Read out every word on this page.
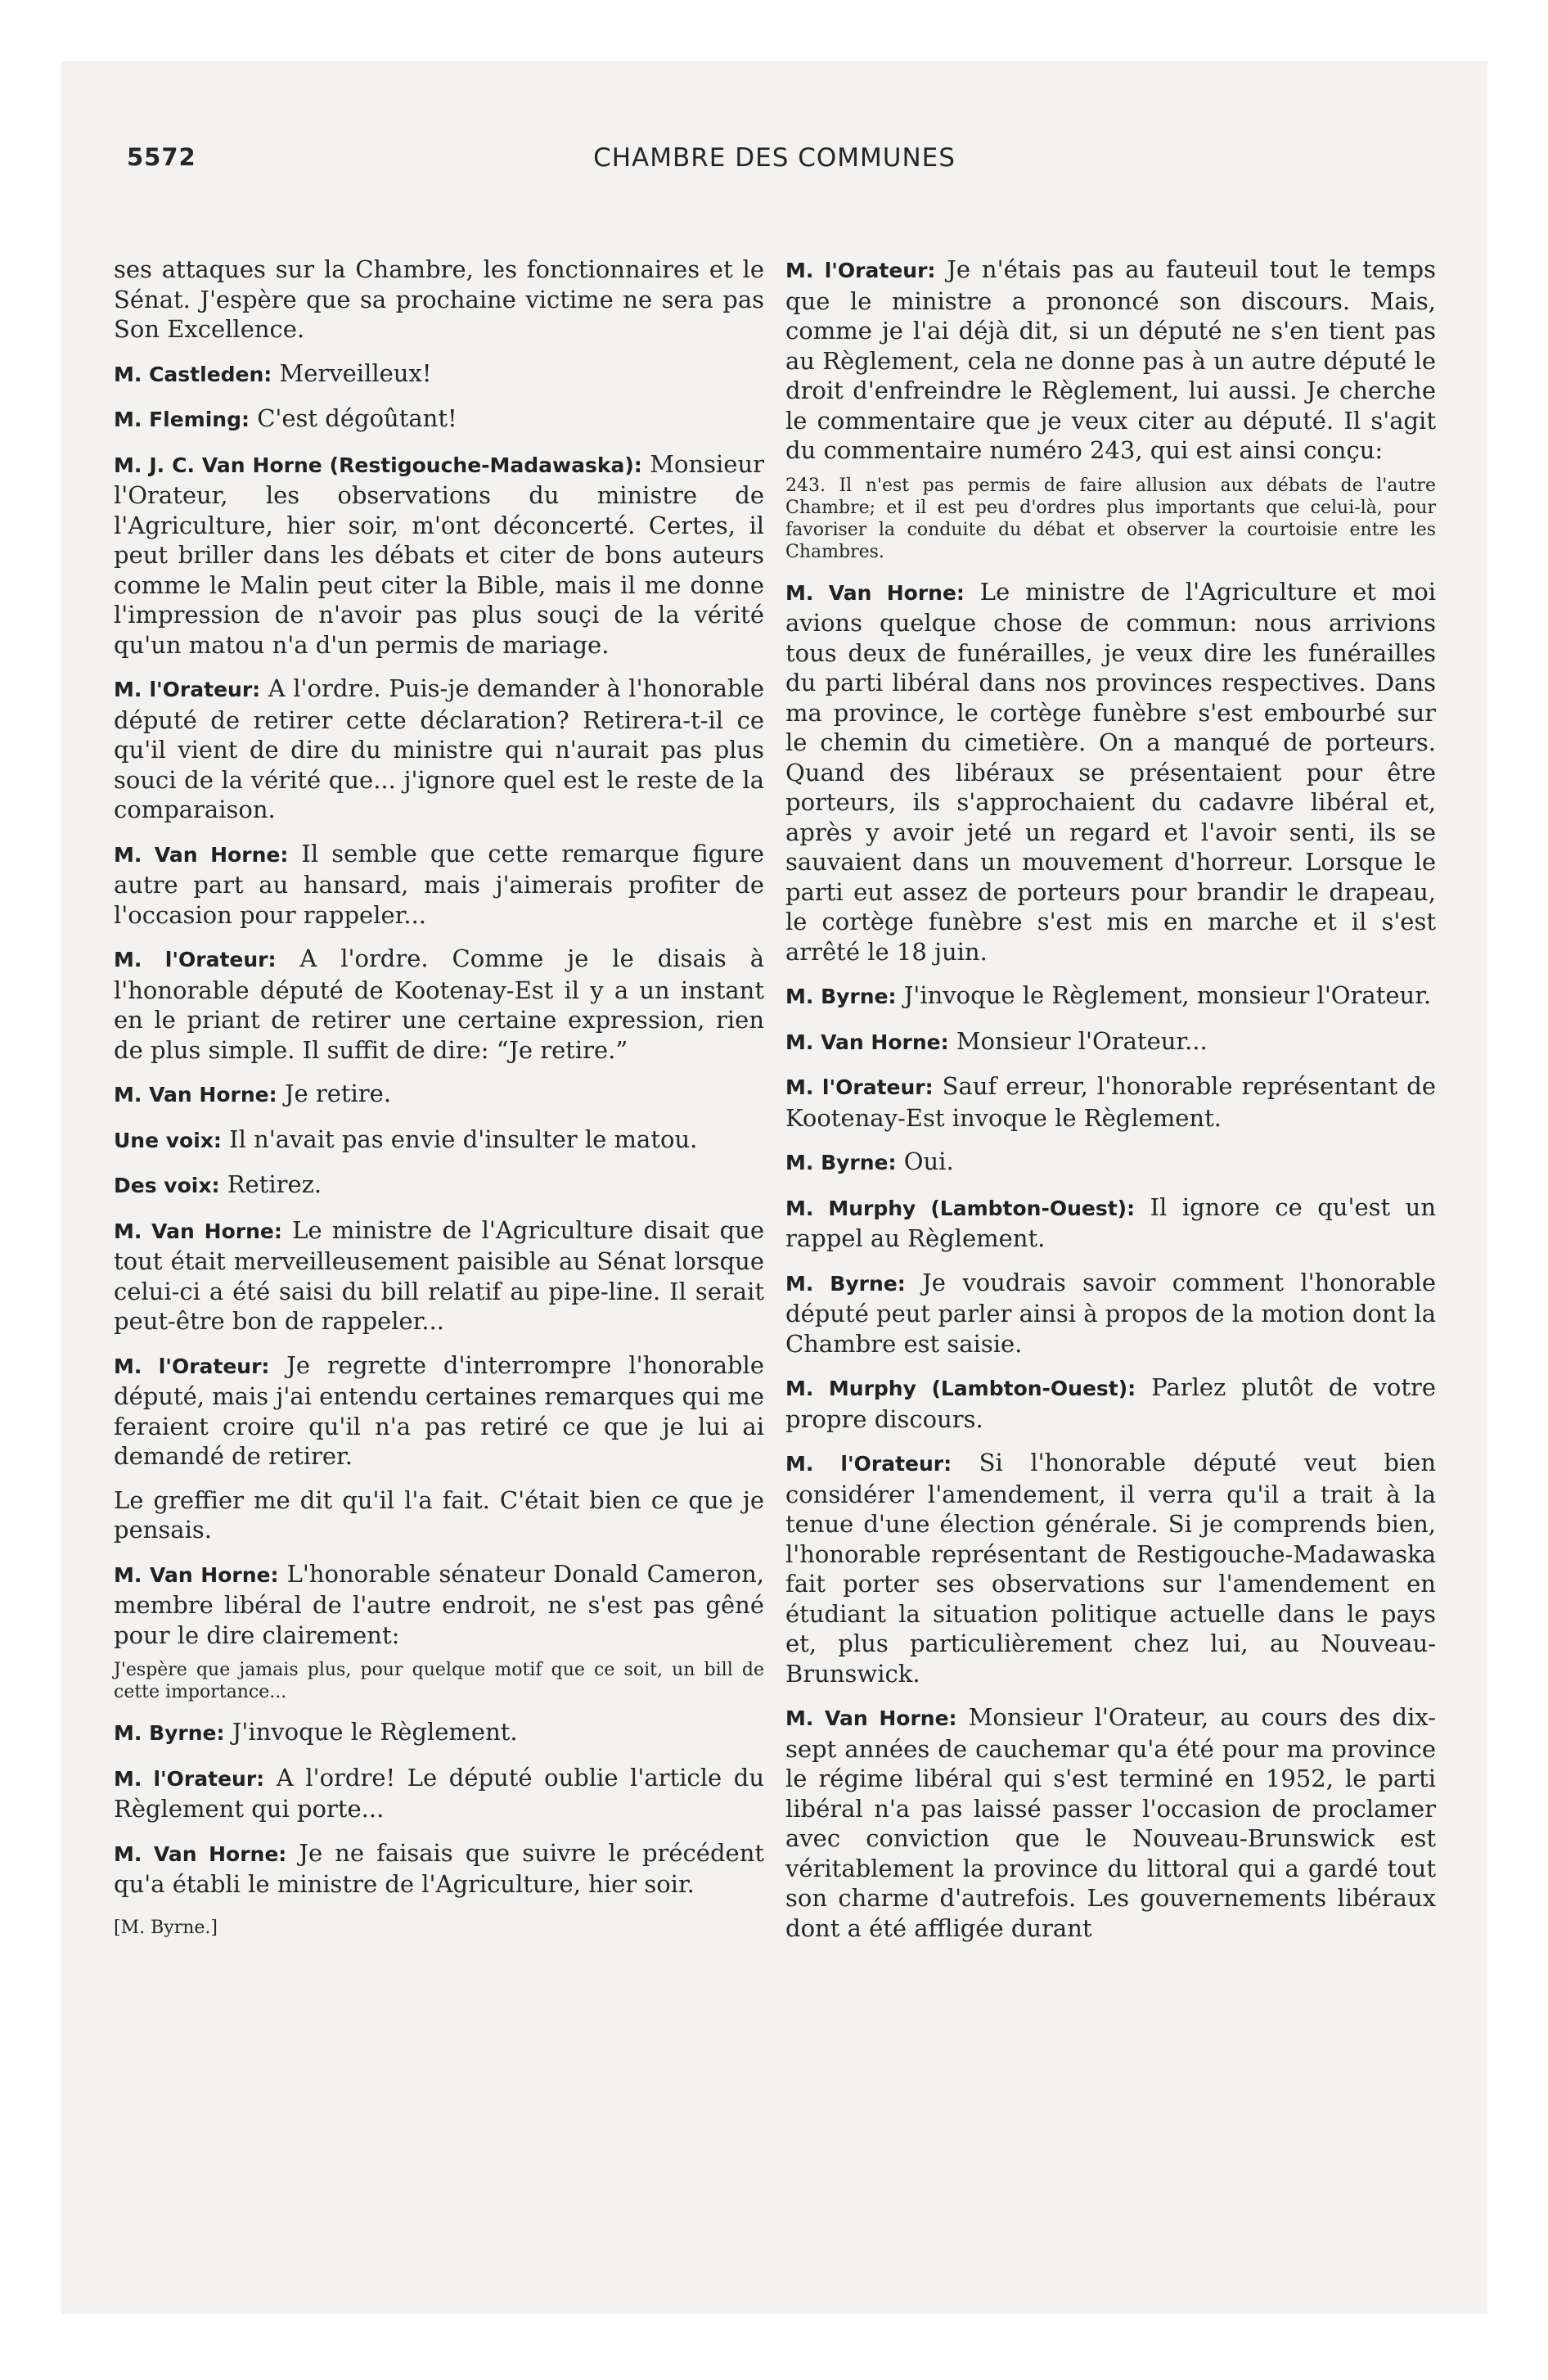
5572	CHAMBRE DES COMMUNES
ses attaques sur la Chambre, les fonctionnaires et le Sénat. J'espère que sa prochaine victime ne sera pas Son Excellence.
M. Castleden: Merveilleux!
M. Fleming: C'est dégoûtant!
M. J. C. Van Horne (Restigouche-Madawaska): Monsieur l'Orateur, les observations du ministre de l'Agriculture, hier soir, m'ont déconcerté. Certes, il peut briller dans les débats et citer de bons auteurs comme le Malin peut citer la Bible, mais il me donne l'impression de n'avoir pas plus souçi de la vérité qu'un matou n'a d'un permis de mariage.
M. l'Orateur: A l'ordre. Puis-je demander à l'honorable député de retirer cette déclaration? Retirera-t-il ce qu'il vient de dire du ministre qui n'aurait pas plus souci de la vérité que... j'ignore quel est le reste de la comparaison.
M. Van Horne: Il semble que cette remarque figure autre part au hansard, mais j'aimerais profiter de l'occasion pour rappeler...
M. l'Orateur: A l'ordre. Comme je le disais à l'honorable député de Kootenay-Est il y a un instant en le priant de retirer une certaine expression, rien de plus simple. Il suffit de dire: “Je retire.”
M. Van Horne: Je retire.
Une voix: Il n'avait pas envie d'insulter le matou.
Des voix: Retirez.
M. Van Horne: Le ministre de l'Agriculture disait que tout était merveilleusement paisible au Sénat lorsque celui-ci a été saisi du bill relatif au pipe-line. Il serait peut-être bon de rappeler...
M. l'Orateur: Je regrette d'interrompre l'honorable député, mais j'ai entendu certaines remarques qui me feraient croire qu'il n'a pas retiré ce que je lui ai demandé de retirer.
Le greffier me dit qu'il l'a fait. C'était bien ce que je pensais.
M. Van Horne: L'honorable sénateur Donald Cameron, membre libéral de l'autre endroit, ne s'est pas gêné pour le dire clairement:
J'espère que jamais plus, pour quelque motif que ce soit, un bill de cette importance...
M. Byrne: J'invoque le Règlement.
M. l'Orateur: A l'ordre! Le député oublie l'article du Règlement qui porte...
M. Van Horne: Je ne faisais que suivre le précédent qu'a établi le ministre de l'Agriculture, hier soir.
[M. Byrne.]
M. l'Orateur: Je n'étais pas au fauteuil tout le temps que le ministre a prononcé son discours. Mais, comme je l'ai déjà dit, si un député ne s'en tient pas au Règlement, cela ne donne pas à un autre député le droit d'enfreindre le Règlement, lui aussi. Je cherche le commentaire que je veux citer au député. Il s'agit du commentaire numéro 243, qui est ainsi conçu:
243. Il n'est pas permis de faire allusion aux débats de l'autre Chambre; et il est peu d'ordres plus importants que celui-là, pour favoriser la conduite du débat et observer la courtoisie entre les Chambres.
M. Van Horne: Le ministre de l'Agriculture et moi avions quelque chose de commun: nous arrivions tous deux de funérailles, je veux dire les funérailles du parti libéral dans nos provinces respectives. Dans ma province, le cortège funèbre s'est embourbé sur le chemin du cimetière. On a manqué de porteurs. Quand des libéraux se présentaient pour être porteurs, ils s'approchaient du cadavre libéral et, après y avoir jeté un regard et l'avoir senti, ils se sauvaient dans un mouvement d'horreur. Lorsque le parti eut assez de porteurs pour brandir le drapeau, le cortège funèbre s'est mis en marche et il s'est arrêté le 18 juin.
M. Byrne: J'invoque le Règlement, monsieur l'Orateur.
M. Van Horne: Monsieur l'Orateur...
M. l'Orateur: Sauf erreur, l'honorable représentant de Kootenay-Est invoque le Règlement.
M. Byrne: Oui.
M. Murphy (Lambton-Ouest): Il ignore ce qu'est un rappel au Règlement.
M. Byrne: Je voudrais savoir comment l'honorable député peut parler ainsi à propos de la motion dont la Chambre est saisie.
M. Murphy (Lambton-Ouest): Parlez plutôt de votre propre discours.
M. l'Orateur: Si l'honorable député veut bien considérer l'amendement, il verra qu'il a trait à la tenue d'une élection générale. Si je comprends bien, l'honorable représentant de Restigouche-Madawaska fait porter ses observations sur l'amendement en étudiant la situation politique actuelle dans le pays et, plus particulièrement chez lui, au Nouveau-Brunswick.
M. Van Horne: Monsieur l'Orateur, au cours des dix-sept années de cauchemar qu'a été pour ma province le régime libéral qui s'est terminé en 1952, le parti libéral n'a pas laissé passer l'occasion de proclamer avec conviction que le Nouveau-Brunswick est véritablement la province du littoral qui a gardé tout son charme d'autrefois. Les gouvernements libéraux dont a été affligée durant
